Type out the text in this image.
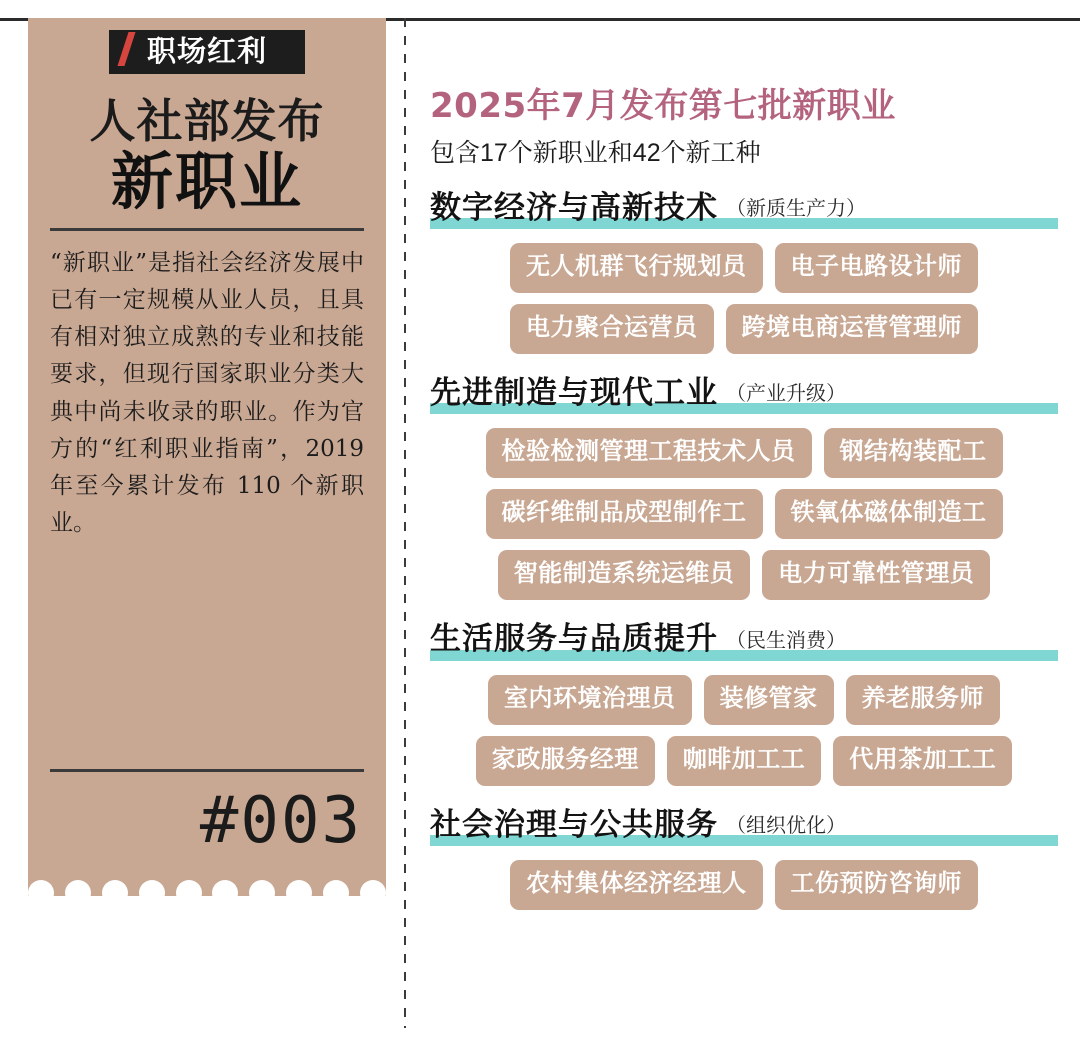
职场红利
人社部发布
新职业

“新职业”是指社会经济发展中已有一定规模从业人员，且具有相对独立成熟的专业和技能要求，但现行国家职业分类大典中尚未收录的职业。作为官方的“红利职业指南”，2019 年至今累计发布 110 个新职业。

#003
2025年7月发布第七批新职业
包含17个新职业和42个新工种
数字经济与高新技术 （新质生产力）
无人机群飞行规划员	电子电路设计师
电力聚合运营员	跨境电商运营管理师
先进制造与现代工业 （产业升级）
检验检测管理工程技术人员	钢结构装配工
碳纤维制品成型制作工	铁氧体磁体制造工
智能制造系统运维员	电力可靠性管理员
生活服务与品质提升 （民生消费）
室内环境治理员	装修管家	养老服务师
家政服务经理	咖啡加工工	代用茶加工工
社会治理与公共服务 （组织优化）
农村集体经济经理人	工伤预防咨询师
